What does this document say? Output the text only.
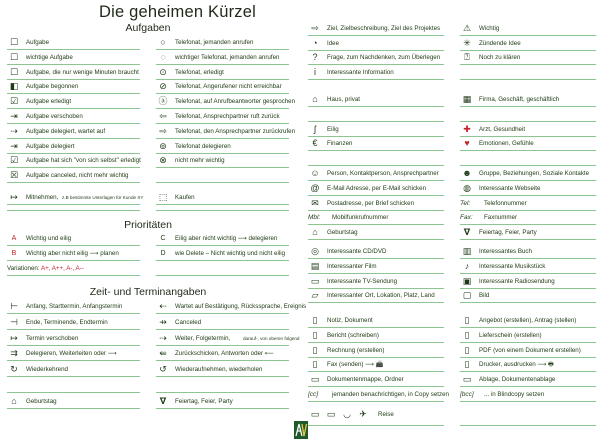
Die geheimen Kürzel
Aufgaben
☐	Aufgabe	○	Telefonat, jemanden anrufen
☐	wichtige Aufgabe	◌	wichtiger Telefonat, jemanden anrufen
☐	Aufgabe, die nur wenige Minuten braucht	⊙	Telefonat, erledigt
◧	Aufgabe begonnen	⊘	Telefonat, Angerufener nicht erreichbar
☑	Aufgabe erledigt	ⓐ	Telefonat, auf Anrufbeantworter gesprochen
⇥	Aufgabe verschoben	⇦	Telefonat, Ansprechpartner ruft zurück
⇢	Aufgabe delegiert, wartet auf	⇨	Telefonat, den Ansprechpartner zurückrufen
⇥	Aufgabe delegiert	⊚	Telefonat delegieren
☑	Aufgabe hat sich "von sich selbst" erledigt	⊗	nicht mehr wichtig
☒	Aufgabe canceled, nicht mehr wichtig
↦	Mitnehmen, z.B bestimmte Unterlagen für Kunde XY	⬚	Kaufen
Prioritäten
A	Wichtig und eilig	C	Eilig aber nicht wichtig ⟶ delegieren
B	Wichtig aber nicht eilig ⟶ planen	D	wie Delete – Nicht wichtig und nicht eilig
Variationen: A+, A++, A-, A--
Zeit- und Terminangaben
⊢	Anfang, Starttermin, Anfangstermin	⇠	Wartet auf Bestätigung, Rückssprache, Ereignis
⊣	Ende, Terminende, Endtermin	⇸	Canceled
↦	Termin verschoben	⇢	Weiter, Folgetermin,	darauf-, von oberen folgend
⇉	Delegieren, Weiterleiten oder ⟶	⇚	Zurückschicken, Antworten oder ⟵
↻	Wiederkehrend	↺	Wiederaufnehmen, wiederholen
⌂	Geburtstag	𝛁	Feiertag, Feier, Party
⇨	Ziel, Zielbeschreibung, Ziel des Projektes	⚠	Wichtig
◔	Idee	✳	Zündende Idee
?	Frage, zum Nachdenken, zum Überlegen	⍰	Noch zu klären
ⅰ	Interessante Information
⌂	Haus, privat	▦	Firma, Geschäft, geschäftlich
ʃ	Eilig	✚	Arzt, Gesundheit
€	Finanzen	♥	Emotionen, Gefühle
☺	Person, Kontaktperson, Ansprechpartner	☻	Gruppe, Beziehungen, Soziale Kontakte
@	E-Mail Adresse, per E-Mail schicken	◍	Interessante Webseite
✉	Postadresse, per Brief schicken	Tel:	Telefonnummer
Mbl:	Mobilfunkrufnummer	Fax:	Faxnummer
⌂	Geburtstag	𝛁	Feiertag, Feier, Party
◎	Interessante CD/DVD	▥	Interessantes Buch
▤	Interessanter Film	♪	Interessante Musikstück
▭	Interessante TV-Sendung	▣	Interessante Radiosendung
▱	Interessanter Ort, Lokation, Platz, Land	▢	Bild
▯	Notiz, Dokument	▯	Angebot (erstellen), Antrag (stellen)
▯	Bericht (schreiben)	▯	Lieferschein (erstellen)
▯	Rechnung (erstellen)	▯	PDF (von einem Dokument erstellen)
▯	Fax (senden) ⟶ 📠	▯	Drucker, ausdrucken ⟶ 🖶
▭	Dokumentenmappe, Ordner	▭	Ablage, Dokumentenablage
[cc]	jemanden benachrichtigen, in Copy setzen [bcc]	... in Blindcopy setzen
▭ ▭ ◡ ✈	Reise
